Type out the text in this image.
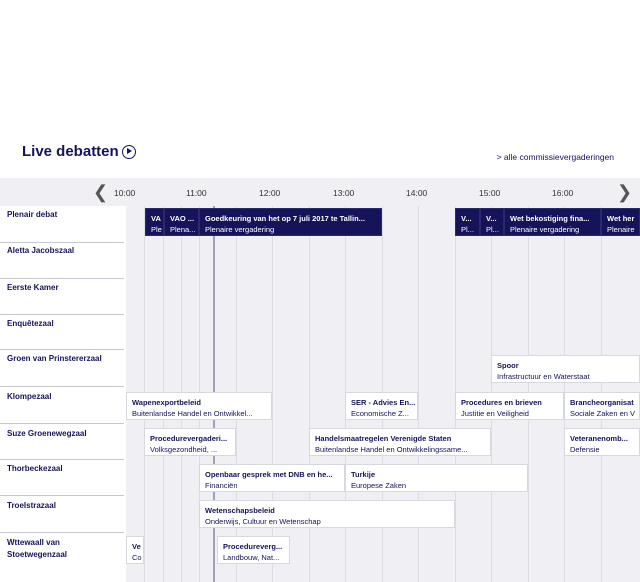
Live debatten	> alle commissievergaderingen
❮ 10:00	11:00	12:00	13:00	14:00	15:00	16:00 ❯
Plenair debat
Aletta Jacobszaal
Eerste Kamer
Enquêtezaal
Groen van Prinstererzaal
Klompezaal
Suze Groenewegzaal
Thorbeckezaal
Troelstrazaal
Wttewaall van Stoetwegenzaal
VA
Ple
VAO ...
Plena...
Goedkeuring van het op 7 juli 2017 te Tallin...
Plenaire vergadering
V...
Pl...
V...
Pl...
Wet bekostiging fina...
Plenaire vergadering
Wet her
Plenaire
Spoor
Infrastructuur en Waterstaat
Wapenexportbeleid
Buitenlandse Handel en Ontwikkel...
SER - Advies En...
Economische Z...
Procedures en brieven
Justitie en Veiligheid
Brancheorganisat
Sociale Zaken en V
Procedurevergaderi...
Volksgezondheid, ...
Handelsmaatregelen Verenigde Staten
Buitenlandse Handel en Ontwikkelingssame...
Veteranenomb...
Defensie
Openbaar gesprek met DNB en he...
Financiën
Turkije
Europese Zaken
Wetenschapsbeleid
Onderwijs, Cultuur en Wetenschap
Ve
Co
Procedureverg...
Landbouw, Nat...
